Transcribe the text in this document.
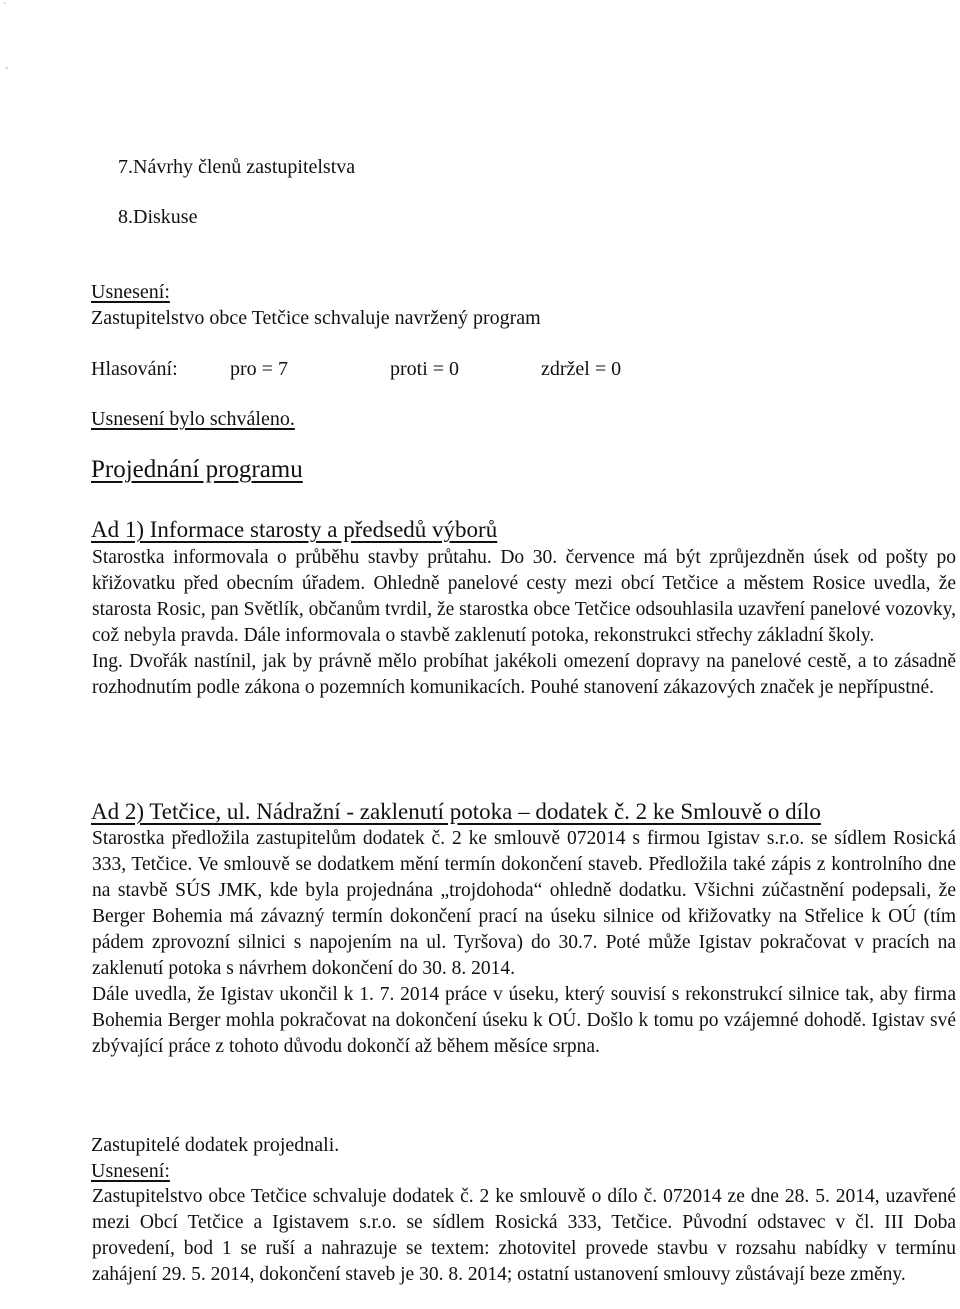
`
'
7.Návrhy členů zastupitelstva
8.Diskuse
Usnesení:
Zastupitelstvo obce Tetčice schvaluje navržený program
Hlasování:	pro = 7	proti = 0	zdržel = 0
Usnesení bylo schváleno.
Projednání programu
Ad 1) Informace starosty a předsedů výborů

Starostka informovala o průběhu stavby průtahu. Do 30. července má být zprůjezdněn úsek od pošty po křižovatku před obecním úřadem. Ohledně panelové cesty mezi obcí Tetčice a městem Rosice uvedla, že starosta Rosic, pan Světlík, občanům tvrdil, že starostka obce Tetčice odsouhlasila uzavření panelové vozovky, což nebyla pravda. Dále informovala o stavbě zaklenutí potoka, rekonstrukci střechy základní školy.

Ing. Dvořák nastínil, jak by právně mělo probíhat jakékoli omezení dopravy na panelové cestě, a to zásadně rozhodnutím podle zákona o pozemních komunikacích. Pouhé stanovení zákazových značek je nepřípustné.

Ad 2) Tetčice, ul. Nádražní - zaklenutí potoka – dodatek č. 2 ke Smlouvě o dílo

Starostka předložila zastupitelům dodatek č. 2 ke smlouvě 072014 s firmou Igistav s.r.o. se sídlem Rosická 333, Tetčice. Ve smlouvě se dodatkem mění termín dokončení staveb. Předložila také zápis z kontrolního dne na stavbě SÚS JMK, kde byla projednána „trojdohoda“ ohledně dodatku. Všichni zúčastnění podepsali, že Berger Bohemia má závazný termín dokončení prací na úseku silnice od křižovatky na Střelice k OÚ (tím pádem zprovozní silnici s napojením na ul. Tyršova) do 30.7. Poté může Igistav pokračovat v pracích na zaklenutí potoka s návrhem dokončení do 30. 8. 2014.

Dále uvedla, že Igistav ukončil k 1. 7. 2014 práce v úseku, který souvisí s rekonstrukcí silnice tak, aby firma Bohemia Berger mohla pokračovat na dokončení úseku k OÚ. Došlo k tomu po vzájemné dohodě. Igistav své zbývající práce z tohoto důvodu dokončí až během měsíce srpna.

Zastupitelé dodatek projednali.
Usnesení:

Zastupitelstvo obce Tetčice schvaluje dodatek č. 2 ke smlouvě o dílo č. 072014 ze dne 28. 5. 2014, uzavřené mezi Obcí Tetčice a Igistavem s.r.o. se sídlem Rosická 333, Tetčice. Původní odstavec v čl. III Doba provedení, bod 1 se ruší a nahrazuje se textem: zhotovitel provede stavbu v rozsahu nabídky v termínu zahájení 29. 5. 2014, dokončení staveb je 30. 8. 2014; ostatní ustanovení smlouvy zůstávají beze změny.
